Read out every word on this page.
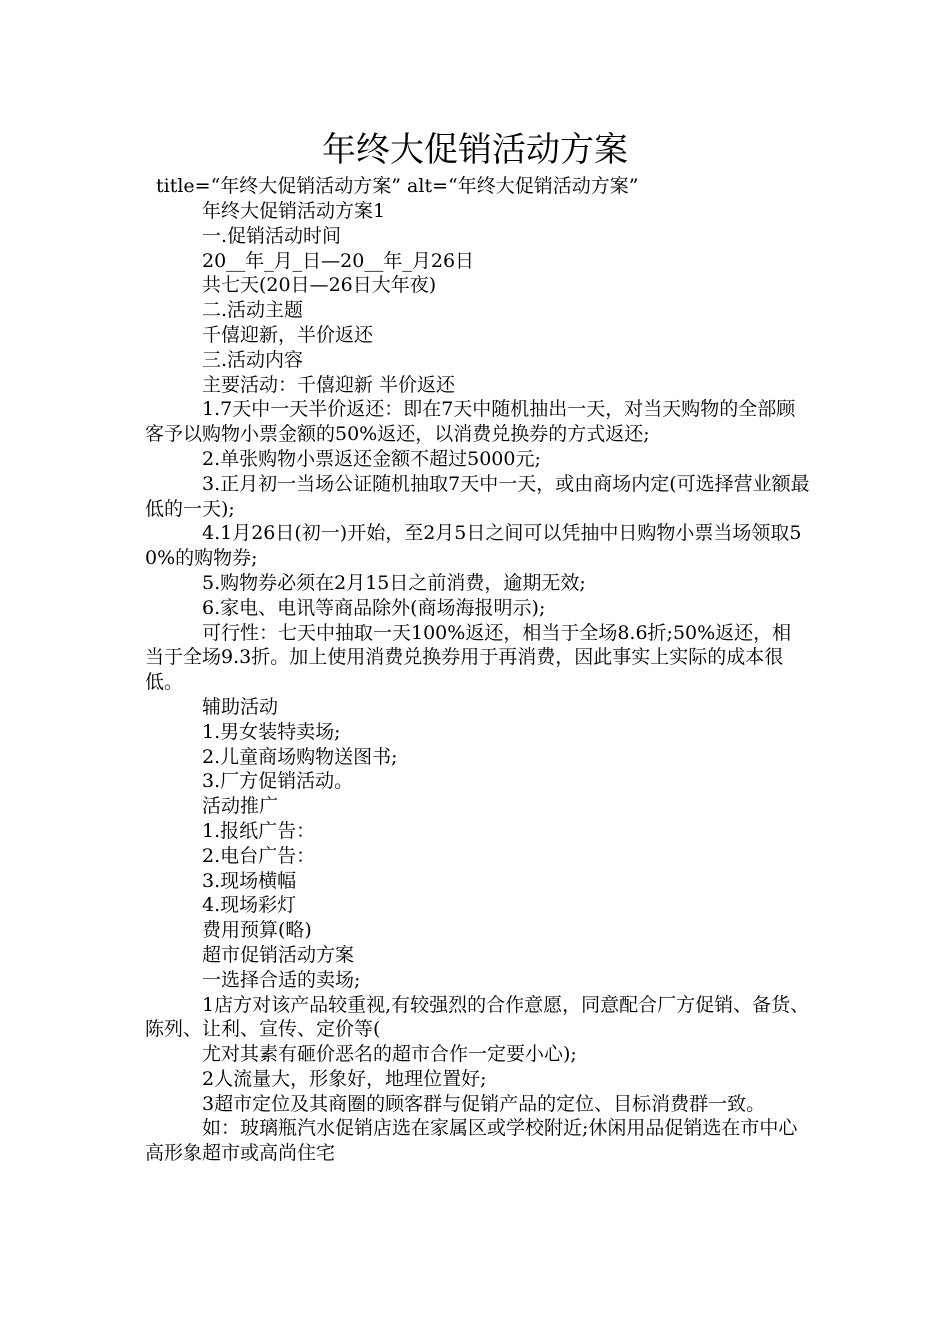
年终大促销活动方案
title=“年终大促销活动方案” alt=“年终大促销活动方案”

年终大促销活动方案1

一.促销活动时间

20__年_月_日—20__年_月26日

共七天(20日—26日大年夜)

二.活动主题

千僖迎新，半价返还

三.活动内容

主要活动：千僖迎新 半价返还

1.7天中一天半价返还：即在7天中随机抽出一天，对当天购物的全部顾客予以购物小票金额的50%返还，以消费兑换券的方式返还;

2.单张购物小票返还金额不超过5000元;

3.正月初一当场公证随机抽取7天中一天，或由商场内定(可选择营业额最低的一天);

4.1月26日(初一)开始，至2月5日之间可以凭抽中日购物小票当场领取50%的购物券;

5.购物券必须在2月15日之前消费，逾期无效;

6.家电、电讯等商品除外(商场海报明示);

可行性：七天中抽取一天100%返还，相当于全场8.6折;50%返还，相当于全场9.3折。加上使用消费兑换券用于再消费，因此事实上实际的成本很低。

辅助活动

1.男女装特卖场;

2.儿童商场购物送图书;

3.厂方促销活动。

活动推广

1.报纸广告：

2.电台广告：

3.现场横幅

4.现场彩灯

费用预算(略)

超市促销活动方案

一选择合适的卖场;

1店方对该产品较重视,有较强烈的合作意愿，同意配合厂方促销、备货、陈列、让利、宣传、定价等(

尤对其素有砸价恶名的超市合作一定要小心);

2人流量大，形象好，地理位置好;

3超市定位及其商圈的顾客群与促销产品的定位、目标消费群一致。

如：玻璃瓶汽水促销店选在家属区或学校附近;休闲用品促销选在市中心高形象超市或高尚住宅
